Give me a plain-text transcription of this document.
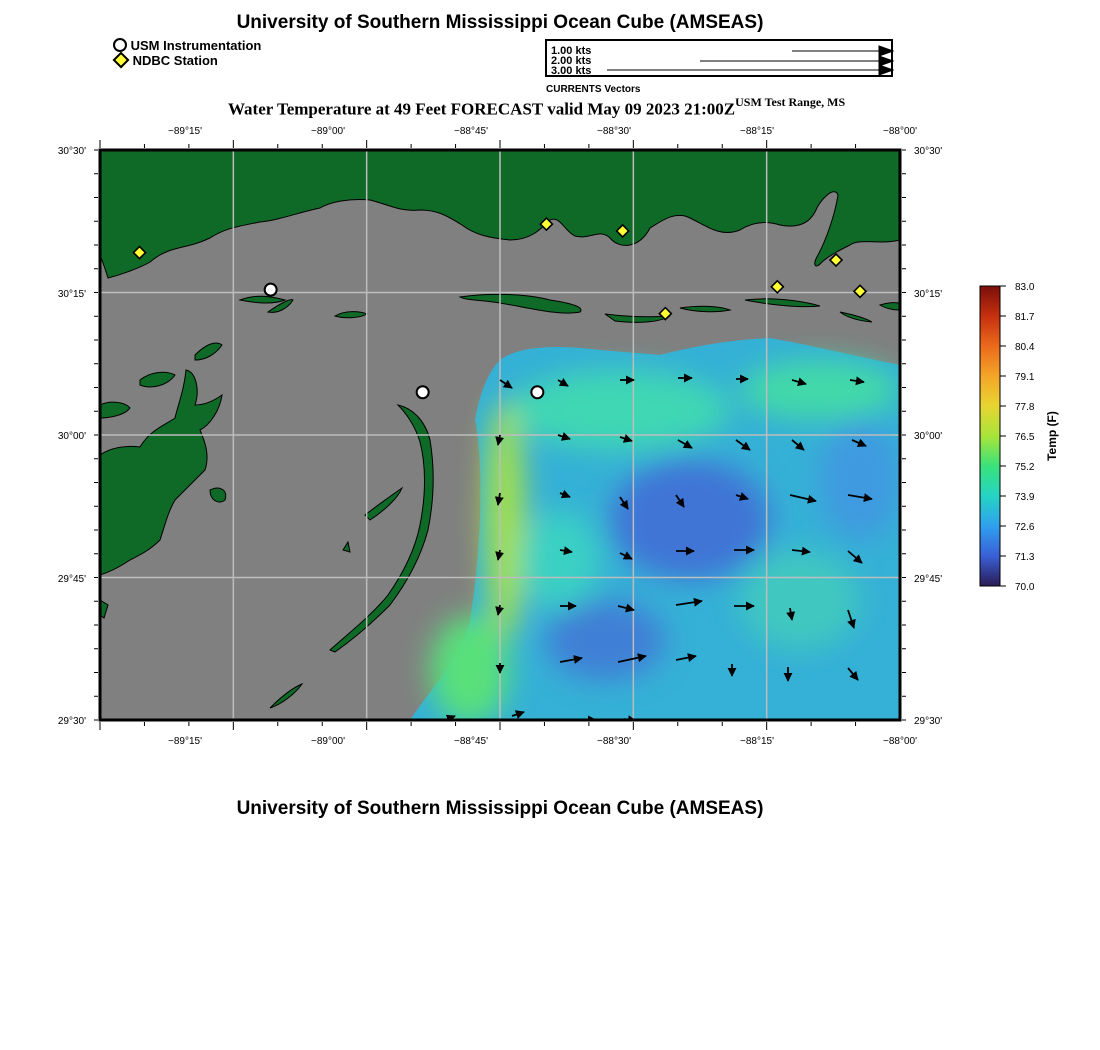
University of Southern Mississippi Ocean Cube (AMSEAS)
USM Instrumentation
NDBC Station
1.00 kts
2.00 kts
3.00 kts
CURRENTS Vectors
Water Temperature at 49 Feet FORECAST valid May 09 2023 $21:00Z^{USM Test Range, MS}$
−89°15'	−89°00'	−88°45'	−88°30'	−88°15'	−88°00'
−89°15'	−89°00'	−88°45'	−88°30'	−88°15'	−88°00'
30°30'
30°15'
30°00'
29°45'
29°30'
30°30'
30°15'
30°00'
29°45'
29°30'
83.0
81.7
80.4
79.1
77.8
76.5
75.2
73.9
72.6
71.3
70.0
Temp (F)
University of Southern Mississippi Ocean Cube (AMSEAS)
